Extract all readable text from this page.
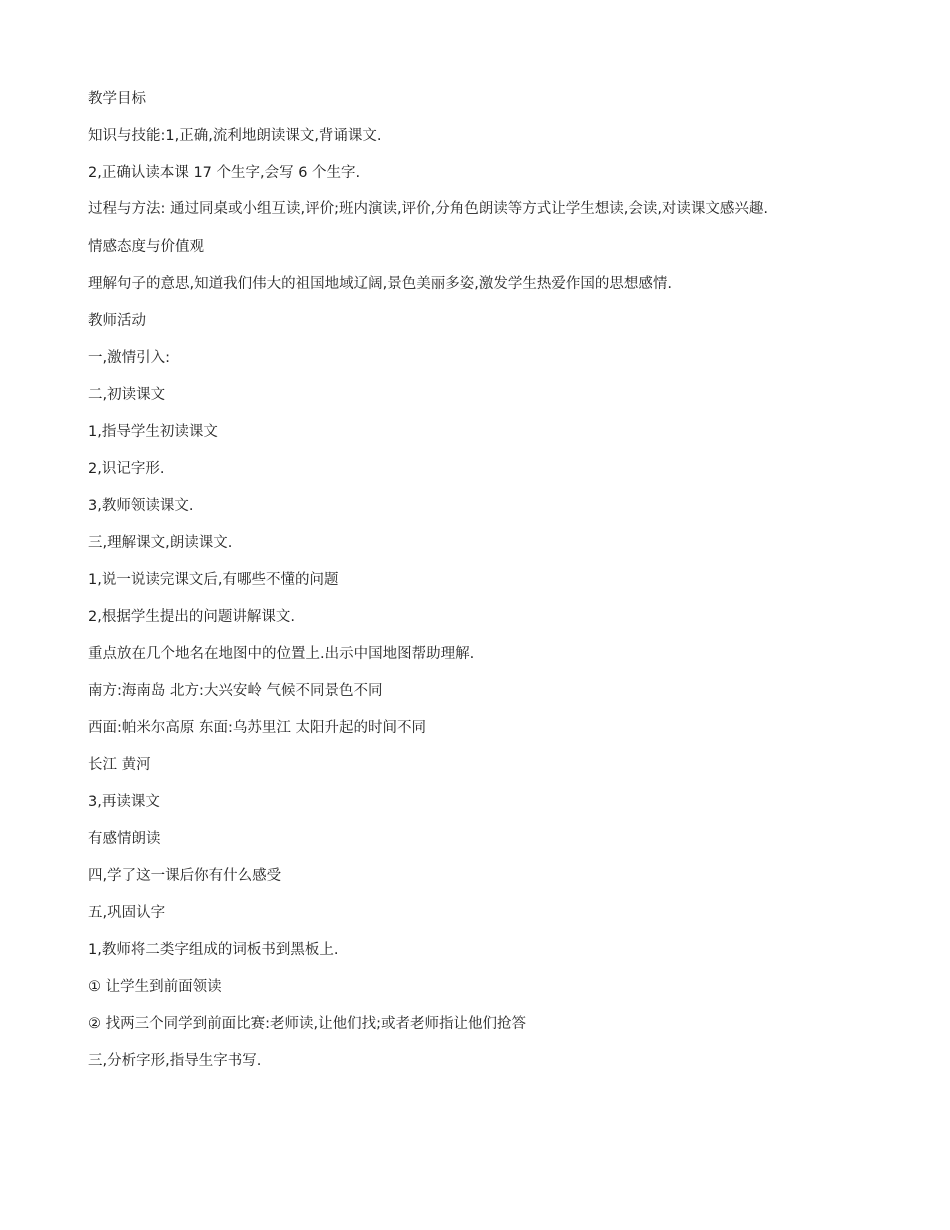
教学目标
知识与技能:1,正确,流利地朗读课文,背诵课文.
2,正确认读本课 17 个生字,会写 6 个生字.
过程与方法: 通过同桌或小组互读,评价;班内演读,评价,分角色朗读等方式让学生想读,会读,对读课文感兴趣.
情感态度与价值观
理解句子的意思,知道我们伟大的祖国地域辽阔,景色美丽多姿,激发学生热爱作国的思想感情.
教师活动
一,激情引入:
二,初读课文
1,指导学生初读课文
2,识记字形.
3,教师领读课文.
三,理解课文,朗读课文.
1,说一说读完课文后,有哪些不懂的问题
2,根据学生提出的问题讲解课文.
重点放在几个地名在地图中的位置上.出示中国地图帮助理解.
南方:海南岛 北方:大兴安岭 气候不同景色不同
西面:帕米尔高原 东面:乌苏里江 太阳升起的时间不同
长江 黄河
3,再读课文
有感情朗读
四,学了这一课后你有什么感受
五,巩固认字
1,教师将二类字组成的词板书到黑板上.
① 让学生到前面领读
② 找两三个同学到前面比赛:老师读,让他们找;或者老师指让他们抢答
三,分析字形,指导生字书写.
